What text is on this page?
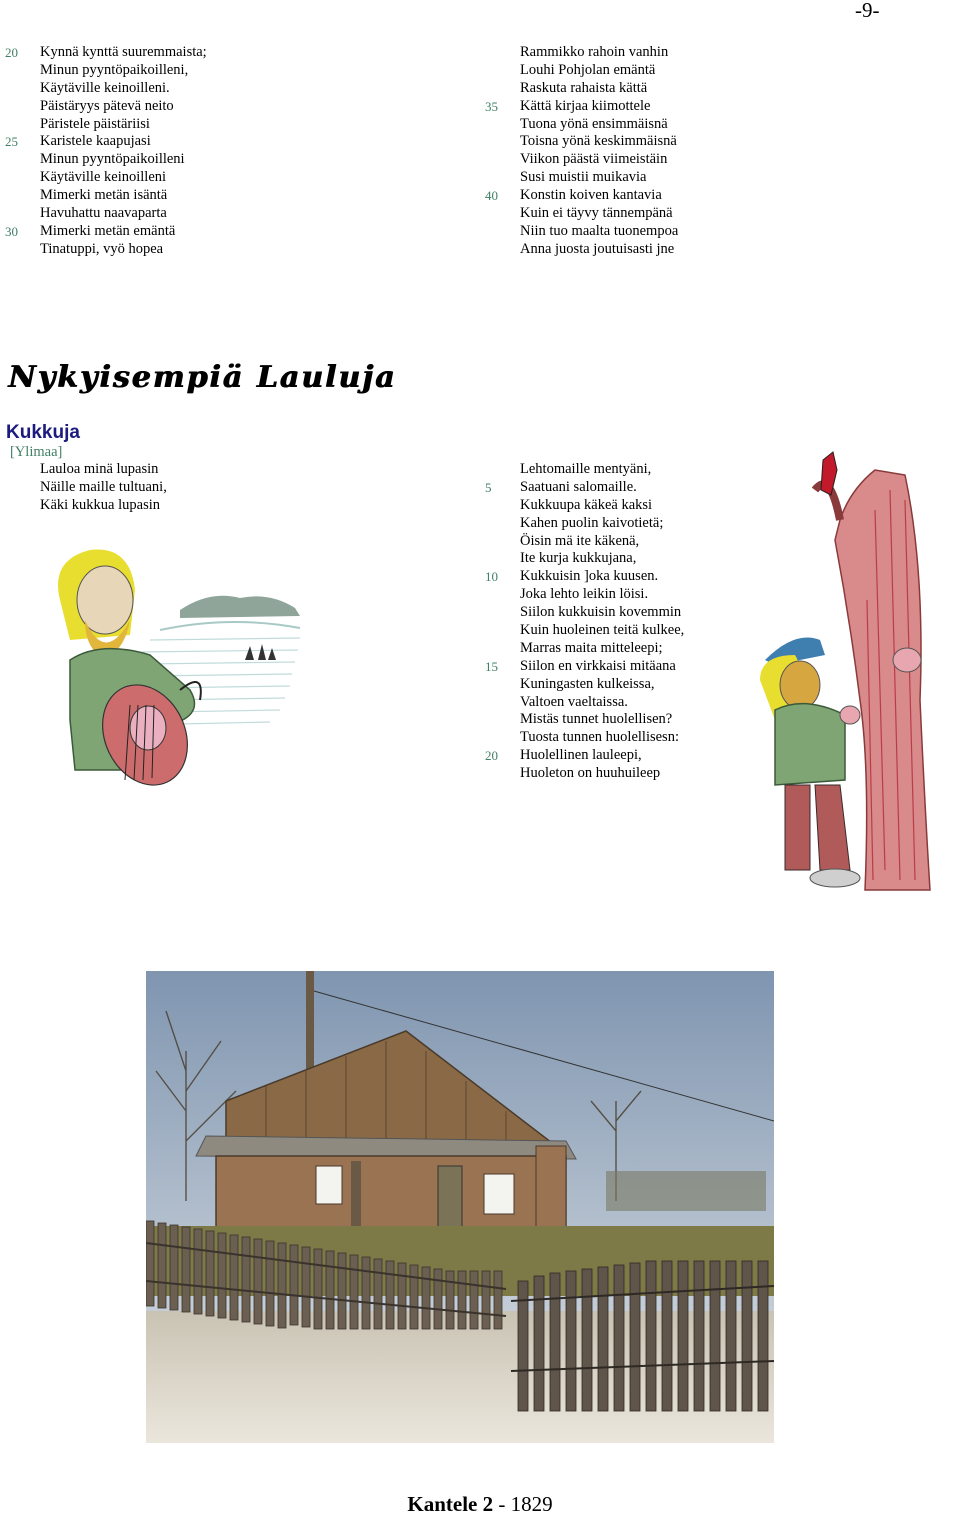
-9-
20 Kynnä kynttä suuremmaista;
Minun pyyntöpaikoilleni,
Käytäville keinoilleni.
Päistäryys pätevä neito
Päristele päistäriisi
25 Karistele kaapujasi
Minun pyyntöpaikoilleni
Käytäville keinoilleni
Mimerki metän isäntä
Havuhattu naavaparta
30 Mimerki metän emäntä
Tinatuppi, vyö hopea
Rammikko rahoin vanhin
Louhi Pohjolan emäntä
Raskuta rahaista kättä
35 Kättä kirjaa kiimottele
Tuona yönä ensimmäisnä
Toisna yönä keskimmäisnä
Viikon päästä viimeistäin
Susi muistii muikavia
40 Konstin koiven kantavia
Kuin ei täyvy tännempänä
Niin tuo maalta tuonempoa
Anna juosta joutuisasti jne
Nykyisempiä Lauluja
Kukkuja
[Ylimaa]
Lauloa minä lupasin
Näille maille tultuani,
Käki kukkua lupasin
Lehtomaille mentyäni,
5 Saatuani salomaille.
Kukkuupa käkeä kaksi
Kahen puolin kaivotietä;
Öisin mä ite käkenä,
Ite kurja kukkujana,
10 Kukkuisin ]oka kuusen.
Joka lehto leikin löisi.
Siilon kukkuisin kovemmin
Kuin huoleinen teitä kulkee,
Marras maita mitteleepi;
15 Siilon en virkkaisi mitäana
Kuningasten kulkeissa,
Valtoen vaeltaissa.
Mistäs tunnet huolellisen?
Tuosta tunnen huolellisesn:
20 Huolellinen lauleepi,
Huoleton on huuhuileep
Kantele 2 - 1829
